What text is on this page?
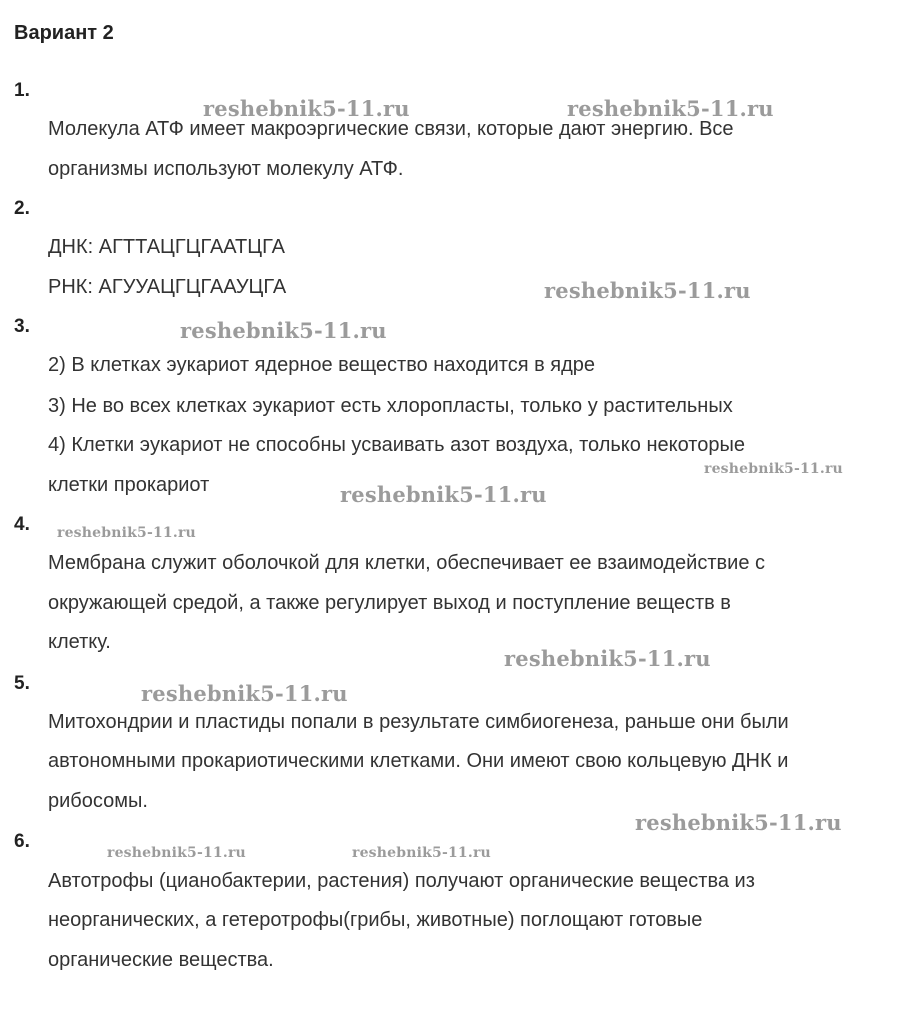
Вариант 2
1.
Молекула АТФ имеет макроэргические связи, которые дают энергию. Все
организмы используют молекулу АТФ.
2.
ДНК: АГТТАЦГЦГААТЦГА
РНК: АГУУАЦГЦГААУЦГА
3.
2) В клетках эукариот ядерное вещество находится в ядре
3) Не во всех клетках эукариот есть хлоропласты, только у растительных
4) Клетки эукариот не способны усваивать азот воздуха, только некоторые
клетки прокариот
4.
Мембрана служит оболочкой для клетки, обеспечивает ее взаимодействие с
окружающей средой, а также регулирует выход и поступление веществ в
клетку.
5.
Митохондрии и пластиды попали в результате симбиогенеза, раньше они были
автономными прокариотическими клетками. Они имеют свою кольцевую ДНК и
рибосомы.
6.
Автотрофы (цианобактерии, растения) получают органические вещества из
неорганических, а гетеротрофы(грибы, животные) поглощают готовые
органические вещества.
reshebnik5-11.ru	reshebnik5-11.ru
reshebnik5-11.ru
reshebnik5-11.ru
reshebnik5-11.ru
reshebnik5-11.ru
reshebnik5-11.ru
reshebnik5-11.ru
reshebnik5-11.ru
reshebnik5-11.ru
reshebnik5-11.ru	reshebnik5-11.ru
